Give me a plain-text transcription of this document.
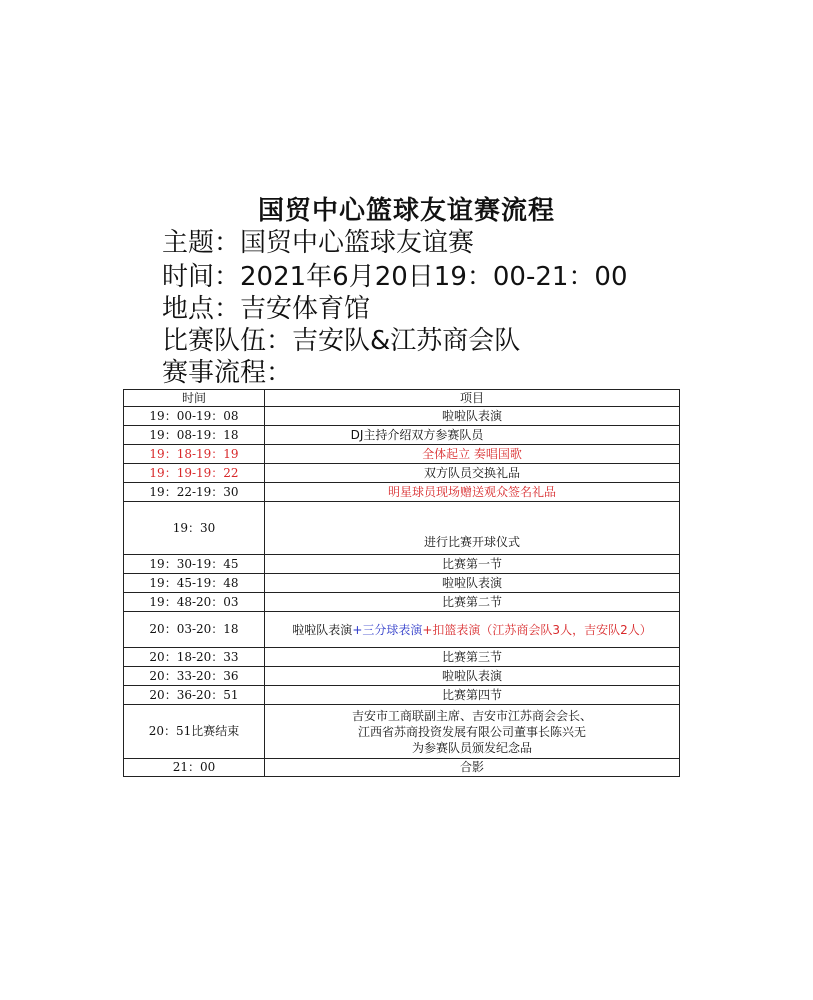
国贸中心篮球友谊赛流程
主题：国贸中心篮球友谊赛
时间：2021年6月20日19：00-21：00
地点：吉安体育馆
比赛队伍：吉安队&江苏商会队
赛事流程：
时间	项目
19：00-19：08	啦啦队表演
19：08-19：18	DJ主持介绍双方参赛队员
19：18-19：19	全体起立 奏唱国歌
19：19-19：22	双方队员交换礼品
19：22-19：30	明星球员现场赠送观众签名礼品
19：30	进行比赛开球仪式
19：30-19：45	比赛第一节
19：45-19：48	啦啦队表演
19：48-20：03	比赛第二节
20：03-20：18	啦啦队表演+三分球表演+扣篮表演（江苏商会队3人，吉安队2人）
20：18-20：33	比赛第三节
20：33-20：36	啦啦队表演
20：36-20：51	比赛第四节
20：51比赛结束	吉安市工商联副主席、吉安市江苏商会会长、
江西省苏商投资发展有限公司董事长陈兴无
为参赛队员颁发纪念品

21：00	合影
